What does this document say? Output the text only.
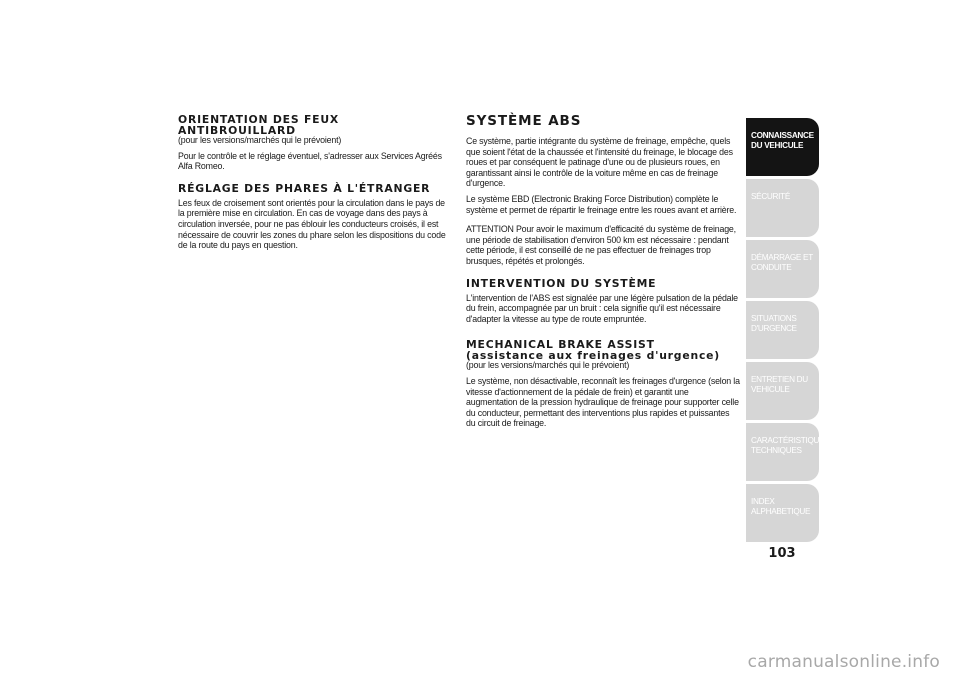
ORIENTATION DES FEUX
ANTIBROUILLARD

(pour les versions/marchés qui le prévoient)

Pour le contrôle et le réglage éventuel, s'adresser aux Services Agréés Alfa Romeo.

RÉGLAGE DES PHARES À L'ÉTRANGER

Les feux de croisement sont orientés pour la circulation dans le pays de la première mise en circulation. En cas de voyage dans des pays à circulation inversée, pour ne pas éblouir les conducteurs croisés, il est nécessaire de couvrir les zones du phare selon les dispositions du code de la route du pays en question.

SYSTÈME ABS

Ce système, partie intégrante du système de freinage, empêche, quels que soient l'état de la chaussée et l'intensité du freinage, le blocage des roues et par conséquent le patinage d'une ou de plusieurs roues, en garantissant ainsi le contrôle de la voiture même en cas de freinage d'urgence.

Le système EBD (Electronic Braking Force Distribution) complète le système et permet de répartir le freinage entre les roues avant et arrière.

ATTENTION Pour avoir le maximum d'efficacité du système de freinage, une période de stabilisation d'environ 500 km est nécessaire : pendant cette période, il est conseillé de ne pas effectuer de freinages trop brusques, répétés et prolongés.

INTERVENTION DU SYSTÈME

L'intervention de l'ABS est signalée par une légère pulsation de la pédale du frein, accompagnée par un bruit : cela signifie qu'il est nécessaire d'adapter la vitesse au type de route empruntée.

MECHANICAL BRAKE ASSIST
(assistance aux freinages d'urgence)

(pour les versions/marchés qui le prévoient)

Le système, non désactivable, reconnaît les freinages d'urgence (selon la vitesse d'actionnement de la pédale de frein) et garantit une augmentation de la pression hydraulique de freinage pour supporter celle du conducteur, permettant des interventions plus rapides et puissantes du circuit de freinage.

CONNAISSANCE
DU VEHICULE
SÉCURITÉ
DÉMARRAGE ET
CONDUITE
SITUATIONS
D'URGENCE
ENTRETIEN DU
VEHICULE
CARACTÉRISTIQUES
TECHNIQUES
INDEX
ALPHABETIQUE
103
carmanualsonline.info
